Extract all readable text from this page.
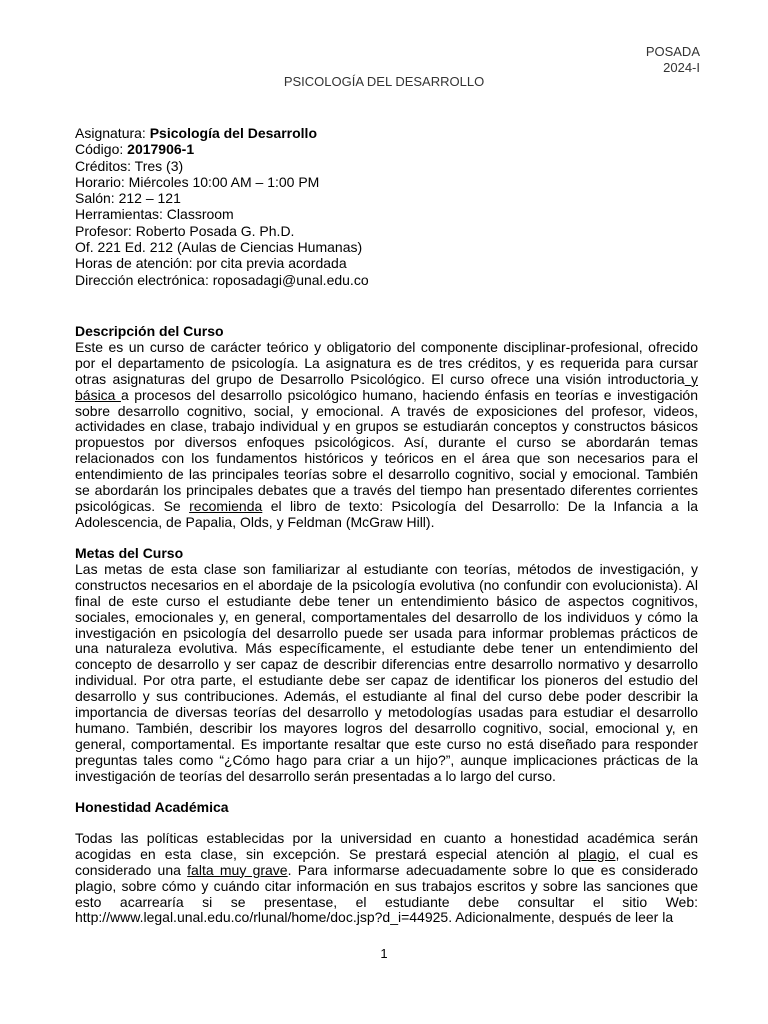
POSADA
2024-I
PSICOLOGÍA DEL DESARROLLO
Asignatura: Psicología del Desarrollo
Código: 2017906-1
Créditos: Tres (3)
Horario: Miércoles 10:00 AM – 1:00 PM
Salón: 212 – 121
Herramientas: Classroom
Profesor: Roberto Posada G. Ph.D.
Of. 221 Ed. 212 (Aulas de Ciencias Humanas)
Horas de atención: por cita previa acordada
Dirección electrónica: roposadagi@unal.edu.co
Descripción del Curso
Este es un curso de carácter teórico y obligatorio del componente disciplinar-profesional, ofrecido por el departamento de psicología. La asignatura es de tres créditos, y es requerida para cursar otras asignaturas del grupo de Desarrollo Psicológico. El curso ofrece una visión introductoria y básica a procesos del desarrollo psicológico humano, haciendo énfasis en teorías e investigación sobre desarrollo cognitivo, social, y emocional. A través de exposiciones del profesor, videos, actividades en clase, trabajo individual y en grupos se estudiarán conceptos y constructos básicos propuestos por diversos enfoques psicológicos. Así, durante el curso se abordarán temas relacionados con los fundamentos históricos y teóricos en el área que son necesarios para el entendimiento de las principales teorías sobre el desarrollo cognitivo, social y emocional. También se abordarán los principales debates que a través del tiempo han presentado diferentes corrientes psicológicas. Se recomienda el libro de texto: Psicología del Desarrollo: De la Infancia a la Adolescencia, de Papalia, Olds, y Feldman (McGraw Hill).
Metas del Curso
Las metas de esta clase son familiarizar al estudiante con teorías, métodos de investigación, y constructos necesarios en el abordaje de la psicología evolutiva (no confundir con evolucionista). Al final de este curso el estudiante debe tener un entendimiento básico de aspectos cognitivos, sociales, emocionales y, en general, comportamentales del desarrollo de los individuos y cómo la investigación en psicología del desarrollo puede ser usada para informar problemas prácticos de una naturaleza evolutiva. Más específicamente, el estudiante debe tener un entendimiento del concepto de desarrollo y ser capaz de describir diferencias entre desarrollo normativo y desarrollo individual. Por otra parte, el estudiante debe ser capaz de identificar los pioneros del estudio del desarrollo y sus contribuciones. Además, el estudiante al final del curso debe poder describir la importancia de diversas teorías del desarrollo y metodologías usadas para estudiar el desarrollo humano. También, describir los mayores logros del desarrollo cognitivo, social, emocional y, en general, comportamental. Es importante resaltar que este curso no está diseñado para responder preguntas tales como “¿Cómo hago para criar a un hijo?”, aunque implicaciones prácticas de la investigación de teorías del desarrollo serán presentadas a lo largo del curso.
Honestidad Académica
Todas las políticas establecidas por la universidad en cuanto a honestidad académica serán acogidas en esta clase, sin excepción. Se prestará especial atención al plagio, el cual es considerado una falta muy grave. Para informarse adecuadamente sobre lo que es considerado plagio, sobre cómo y cuándo citar información en sus trabajos escritos y sobre las sanciones que esto acarrearía si se presentase, el estudiante debe consultar el sitio Web: http://www.legal.unal.edu.co/rlunal/home/doc.jsp?d_i=44925. Adicionalmente, después de leer la
1
